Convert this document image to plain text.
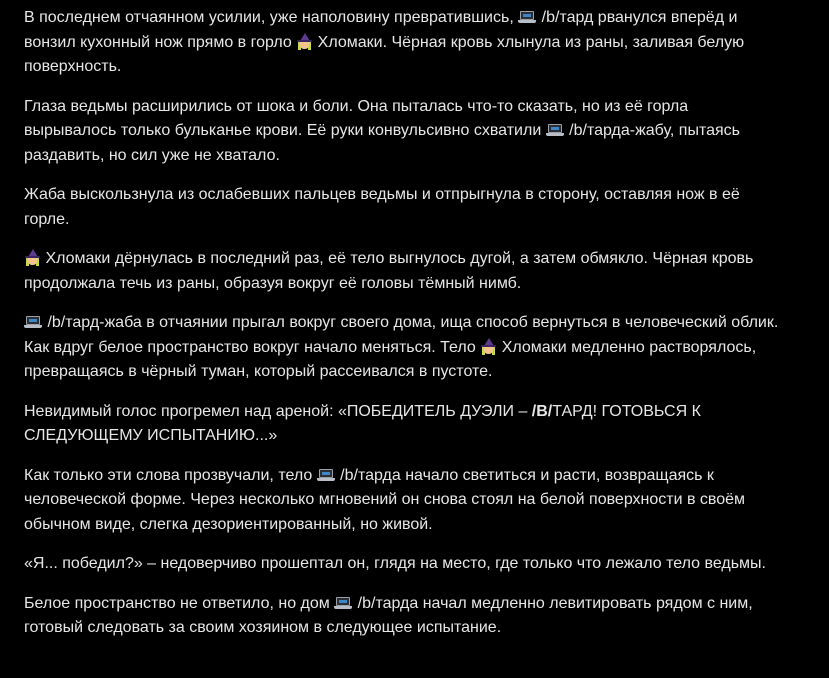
В последнем отчаянном усилии, уже наполовину превратившись,
/b/тард рванулся вперёд и вонзил кухонный нож прямо в горло
Хломаки. Чёрная кровь хлынула из раны, заливая белую поверхность.

Глаза ведьмы расширились от шока и боли. Она пыталась что-то сказать, но из её горла вырывалось только бульканье крови. Её руки конвульсивно схватили
/b/тарда-жабу, пытаясь раздавить, но сил уже не хватало.

Жаба выскользнула из ослабевших пальцев ведьмы и отпрыгнула в сторону, оставляя нож в её горле.

Хломаки дёрнулась в последний раз, её тело выгнулось дугой, а затем обмякло. Чёрная кровь продолжала течь из раны, образуя вокруг её головы тёмный нимб.

/b/тард-жаба в отчаянии прыгал вокруг своего дома, ища способ вернуться в человеческий облик. Как вдруг белое пространство вокруг начало меняться. Тело
Хломаки медленно растворялось, превращаясь в чёрный туман, который рассеивался в пустоте.

Невидимый голос прогремел над ареной: «ПОБЕДИТЕЛЬ ДУЭЛИ – /B/ТАРД! ГОТОВЬСЯ К СЛЕДУЮЩЕМУ ИСПЫТАНИЮ...»

Как только эти слова прозвучали, тело
/b/тарда начало светиться и расти, возвращаясь к человеческой форме. Через несколько мгновений он снова стоял на белой поверхности в своём обычном виде, слегка дезориентированный, но живой.

«Я... победил?» – недоверчиво прошептал он, глядя на место, где только что лежало тело ведьмы.

Белое пространство не ответило, но дом
/b/тарда начал медленно левитировать рядом с ним, готовый следовать за своим хозяином в следующее испытание.
